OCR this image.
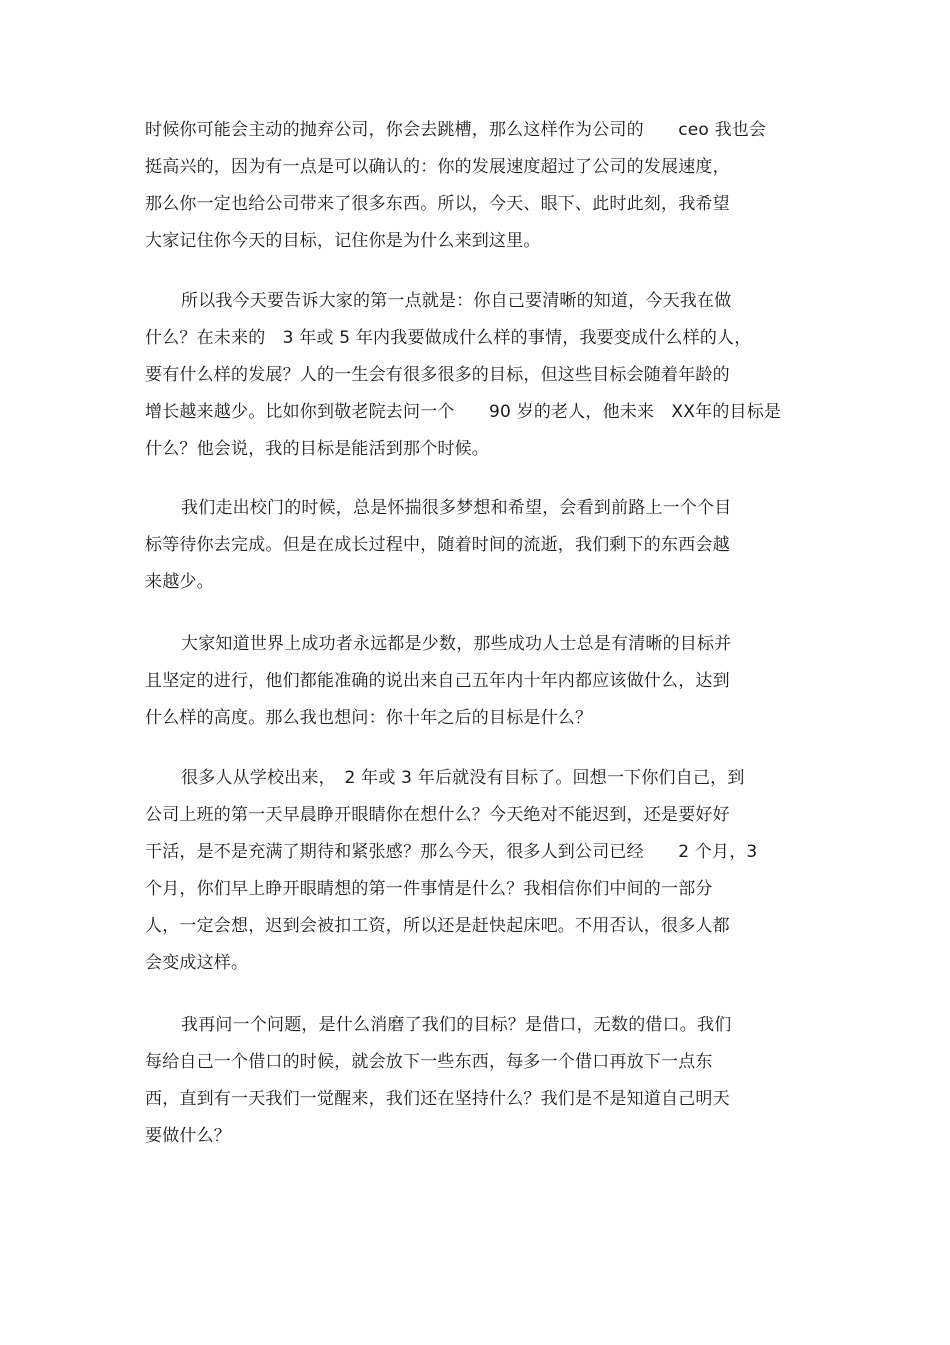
时候你可能会主动的抛弃公司，你会去跳槽，那么这样作为公司的　　ceo 我也会
挺高兴的，因为有一点是可以确认的：你的发展速度超过了公司的发展速度，
那么你一定也给公司带来了很多东西。所以，今天、眼下、此时此刻，我希望
大家记住你今天的目标，记住你是为什么来到这里。
所以我今天要告诉大家的第一点就是：你自己要清晰的知道，今天我在做
什么？在未来的　3 年或 5 年内我要做成什么样的事情，我要变成什么样的人，
要有什么样的发展？人的一生会有很多很多的目标，但这些目标会随着年龄的
增长越来越少。比如你到敬老院去问一个　　90 岁的老人，他未来　XX年的目标是
什么？他会说，我的目标是能活到那个时候。
我们走出校门的时候，总是怀揣很多梦想和希望，会看到前路上一个个目
标等待你去完成。但是在成长过程中，随着时间的流逝，我们剩下的东西会越
来越少。
大家知道世界上成功者永远都是少数，那些成功人士总是有清晰的目标并
且坚定的进行，他们都能准确的说出来自己五年内十年内都应该做什么，达到
什么样的高度。那么我也想问：你十年之后的目标是什么？
很多人从学校出来，　2 年或 3 年后就没有目标了。回想一下你们自己，到
公司上班的第一天早晨睁开眼睛你在想什么？今天绝对不能迟到，还是要好好
干活，是不是充满了期待和紧张感？那么今天，很多人到公司已经　　2 个月，3
个月，你们早上睁开眼睛想的第一件事情是什么？我相信你们中间的一部分
人，一定会想，迟到会被扣工资，所以还是赶快起床吧。不用否认，很多人都
会变成这样。
我再问一个问题，是什么消磨了我们的目标？是借口，无数的借口。我们
每给自己一个借口的时候，就会放下一些东西，每多一个借口再放下一点东
西，直到有一天我们一觉醒来，我们还在坚持什么？我们是不是知道自己明天
要做什么？
